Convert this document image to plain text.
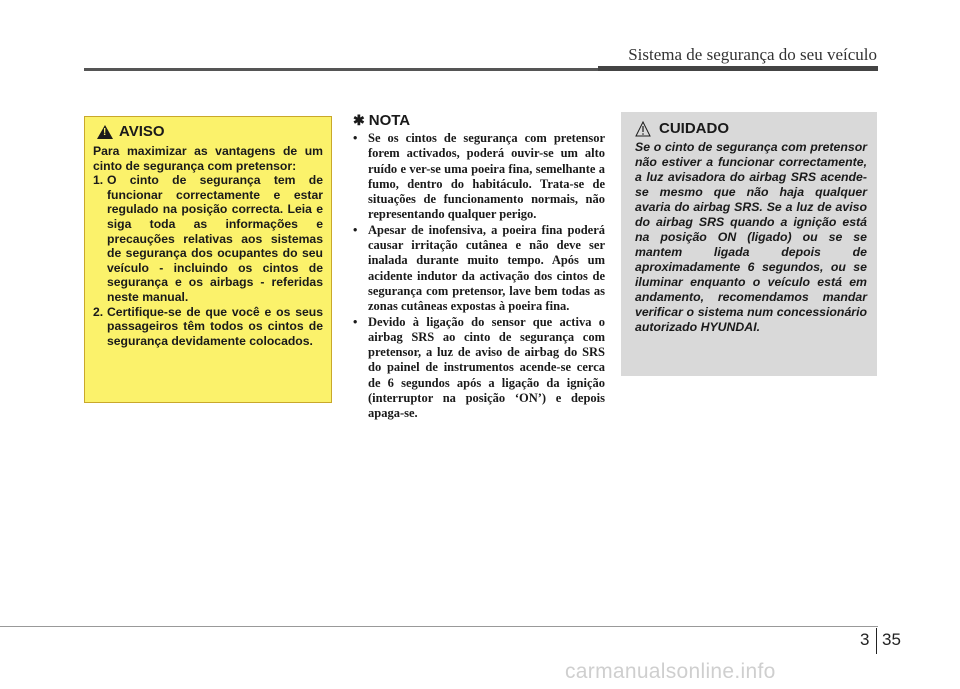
Sistema de segurança do seu veículo
!
AVISO

Para maximizar as vantagens de um cinto de segurança com pretensor:

1. O cinto de segurança tem de funcionar correctamente e estar regulado na posição correcta. Leia e siga toda as informações e precauções relativas aos sistemas de segurança dos ocupantes do seu veículo - incluindo os cintos de segurança e os airbags - referidas neste manual.
2. Certifique-se de que você e os seus passageiros têm todos os cintos de segurança devidamente colocados.
✱ NOTA
• Se os cintos de segurança com pretensor forem activados, poderá ouvir-se um alto ruído e ver-se uma poeira fina, semelhante a fumo, dentro do habitáculo. Trata-se de situações de funcionamento normais, não representando qualquer perigo.
• Apesar de inofensiva, a poeira fina poderá causar irritação cutânea e não deve ser inalada durante muito tempo. Após um acidente indutor da activação dos cintos de segurança com pretensor, lave bem todas as zonas cutâneas expostas à poeira fina.
• Devido à ligação do sensor que activa o airbag SRS ao cinto de segurança com pretensor, a luz de aviso de airbag do SRS do painel de instrumentos acende-se cerca de 6 segundos após a ligação da ignição (interruptor na posição ‘ON’) e depois apaga-se.
CUIDADO
Se o cinto de segurança com pretensor não estiver a funcionar correctamente, a luz avisadora do airbag SRS acende-se mesmo que não haja qualquer avaria do airbag SRS. Se a luz de aviso do airbag SRS quando a ignição está na posição ON (ligado) ou se se mantem ligada depois de aproximadamente 6 segundos, ou se iluminar enquanto o veículo está em andamento, recomendamos mandar verificar o sistema num concessionário autorizado HYUNDAI.
3 35
carmanualsonline.info
